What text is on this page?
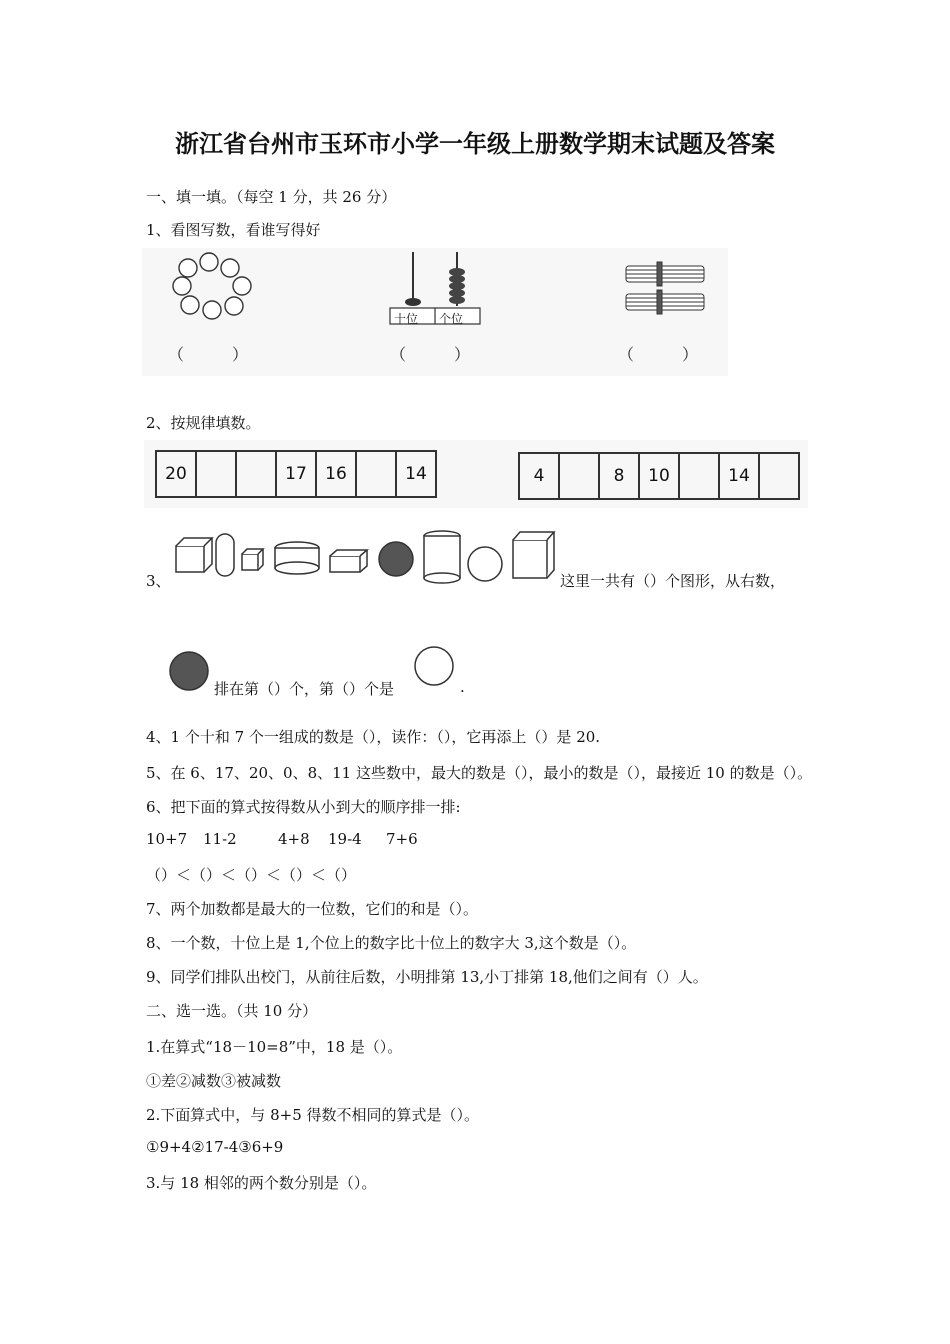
浙江省台州市玉环市小学一年级上册数学期末试题及答案
一、填一填。（每空 1 分，共 26 分）
1、看图写数，看谁写得好
十位 个位
（　　　）	（　　　）	（　　　）
2、按规律填数。
20	17	16	14	4	8	10	14
3、	这里一共有（）个图形，从右数，
排在第（）个，第（）个是	.
4、1 个十和 7 个一组成的数是（），读作：（），它再添上（）是 20.
5、在 6、17、20、0、8、11 这些数中，最大的数是（），最小的数是（），最接近 10 的数是（）。
6、把下面的算式按得数从小到大的顺序排一排:
10+7 11-2	4+8 19-4 7+6
（）＜（）＜（）＜（）＜（）
7、两个加数都是最大的一位数，它们的和是（）。
8、一个数，十位上是 1,个位上的数字比十位上的数字大 3,这个数是（）。
9、同学们排队出校门，从前往后数，小明排第 13,小丁排第 18,他们之间有（）人。
二、选一选。（共 10 分）
1.在算式“18－10=8”中，18 是（）。
①差②减数③被减数
2.下面算式中，与 8+5 得数不相同的算式是（）。
①9+4②17-4③6+9
3.与 18 相邻的两个数分别是（）。
